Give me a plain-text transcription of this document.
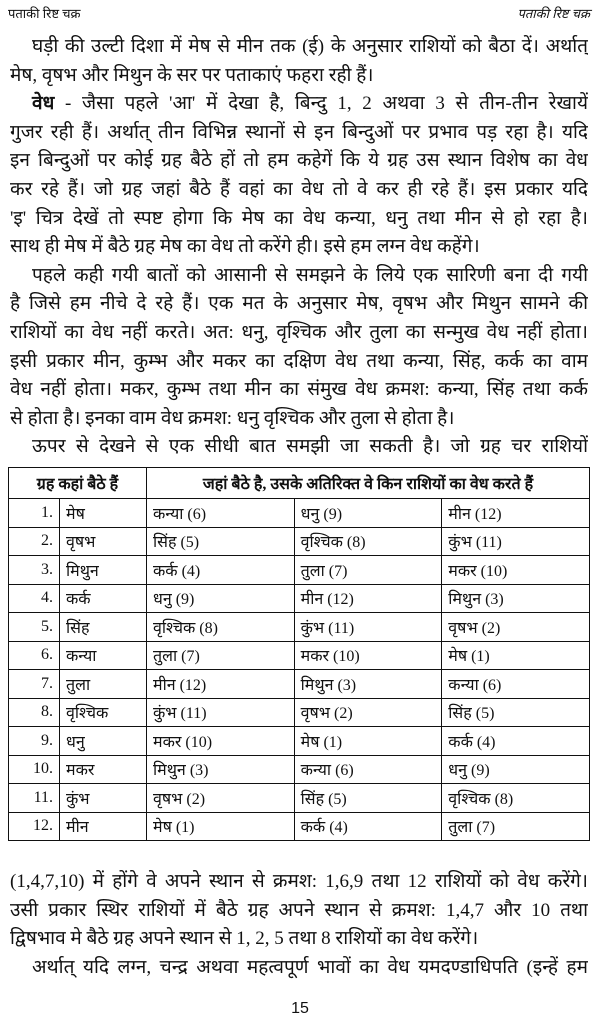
पताकी रिष्ट चक्र	पताकी रिष्ट चक्र
घड़ी की उल्टी दिशा में मेष से मीन तक (ई) के अनुसार राशियों को बैठा दें। अर्थात्
मेष, वृषभ और मिथुन के सर पर पताकाएं फहरा रही हैं।
वेध - जैसा पहले 'आ' में देखा है, बिन्दु 1, 2 अथवा 3 से तीन-तीन रेखायें
गुजर रही हैं। अर्थात् तीन विभिन्न स्थानों से इन बिन्दुओं पर प्रभाव पड़ रहा है। यदि
इन बिन्दुओं पर कोई ग्रह बैठे हों तो हम कहेगें कि ये ग्रह उस स्थान विशेष का वेध
कर रहे हैं। जो ग्रह जहां बैठे हैं वहां का वेध तो वे कर ही रहे हैं। इस प्रकार यदि
'इ' चित्र देखें तो स्पष्ट होगा कि मेष का वेध कन्या, धनु तथा मीन से हो रहा है।
साथ ही मेष में बैठे ग्रह मेष का वेध तो करेंगे ही। इसे हम लग्न वेध कहेंगे।
पहले कही गयी बातों को आसानी से समझने के लिये एक सारिणी बना दी गयी
है जिसे हम नीचे दे रहे हैं। एक मत के अनुसार मेष, वृषभ और मिथुन सामने की
राशियों का वेध नहीं करते। अत: धनु, वृश्चिक और तुला का सन्मुख वेध नहीं होता।
इसी प्रकार मीन, कुम्भ और मकर का दक्षिण वेध तथा कन्या, सिंह, कर्क का वाम
वेध नहीं होता। मकर, कुम्भ तथा मीन का संमुख वेध क्रमश: कन्या, सिंह तथा कर्क
से होता है। इनका वाम वेध क्रमश: धनु वृश्चिक और तुला से होता है।
ऊपर से देखने से एक सीधी बात समझी जा सकती है। जो ग्रह चर राशियों
ग्रह कहां बैठे हैं		जहां बैठे है, उसके अतिरिक्त वे किन राशियों का वेध करते हैं		
1.	मेष	कन्या (6)	धनु (9)	मीन (12)
2.	वृषभ	सिंह (5)	वृश्चिक (8)	कुंभ (11)
3.	मिथुन	कर्क (4)	तुला (7)	मकर (10)
4.	कर्क	धनु (9)	मीन (12)	मिथुन (3)
5.	सिंह	वृश्चिक (8)	कुंभ (11)	वृषभ (2)
6.	कन्या	तुला (7)	मकर (10)	मेष (1)
7.	तुला	मीन (12)	मिथुन (3)	कन्या (6)
8.	वृश्चिक	कुंभ (11)	वृषभ (2)	सिंह (5)
9.	धनु	मकर (10)	मेष (1)	कर्क (4)
10.	मकर	मिथुन (3)	कन्या (6)	धनु (9)
11.	कुंभ	वृषभ (2)	सिंह (5)	वृश्चिक (8)
12.	मीन	मेष (1)	कर्क (4)	तुला (7)
(1,4,7,10) में होंगे वे अपने स्थान से क्रमश: 1,6,9 तथा 12 राशियों को वेध करेंगे।
उसी प्रकार स्थिर राशियों में बैठे ग्रह अपने स्थान से क्रमश: 1,4,7 और 10 तथा
द्विषभाव मे बैठे ग्रह अपने स्थान से 1, 2, 5 तथा 8 राशियों का वेध करेंगे।
अर्थात् यदि लग्न, चन्द्र अथवा महत्वपूर्ण भावों का वेध यमदण्डाधिपति (इन्हें हम
15
